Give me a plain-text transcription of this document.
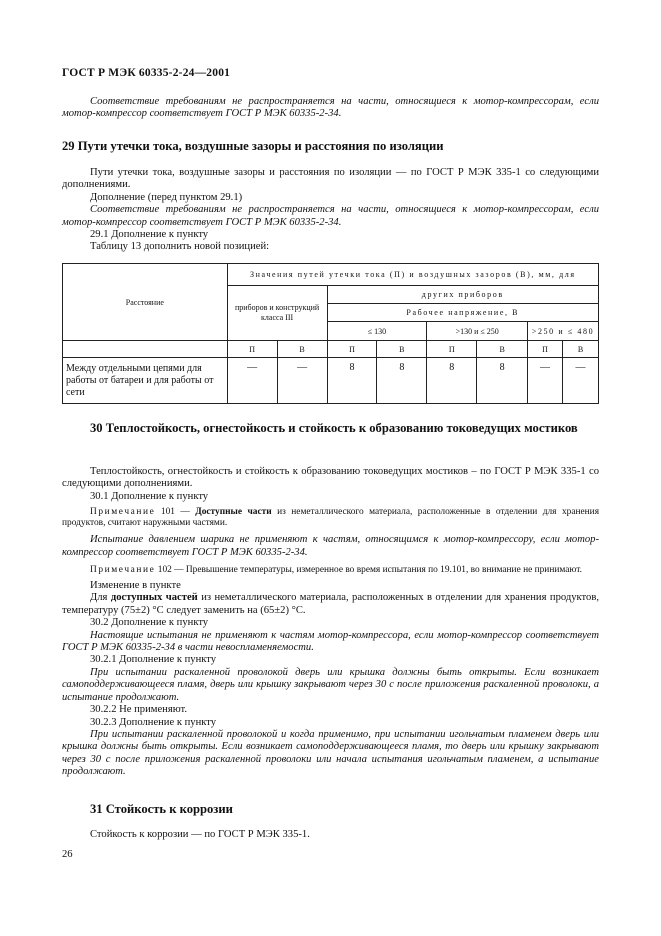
ГОСТ Р МЭК 60335-2-24—2001

Соответствие требованиям не распространяется на части, относящиеся к мотор-компрессорам, если мотор-компрессор соответствует ГОСТ Р МЭК 60335-2-34.

29 Пути утечки тока, воздушные зазоры и расстояния по изоляции

Пути утечки тока, воздушные зазоры и расстояния по изоляции — по ГОСТ Р МЭК 335-1 со следующими дополнениями.

Дополнение (перед пунктом 29.1)

Соответствие требованиям не распространяется на части, относящиеся к мотор-компрессорам, если мотор-компрессор соответствует ГОСТ Р МЭК 60335-2-34.

29.1 Дополнение к пункту

Таблицу 13 дополнить новой позицией:

Расстояние	Значения путей утечки тока (П) и воздушных зазоров (В), мм, для							
	приборов и конструкций класса III		других приборов					
			Рабочее напряжение, В					
			≤ 130		>130 и ≤ 250		>250 и ≤ 480	
	П	В	П	В	П	В	П	В
Между отдельными цепями для работы от батареи и для работы от сети	—	—	8	8	8	8	—	—

30 Теплостойкость, огнестойкость и стойкость к образованию токоведущих мостиков

Теплостойкость, огнестойкость и стойкость к образованию токоведущих мостиков – по ГОСТ Р МЭК 335-1 со следующими дополнениями.

30.1 Дополнение к пункту

Примечание 101 — Доступные части из неметаллического материала, расположенные в отделении для хранения продуктов, считают наружными частями.

Испытание давлением шарика не применяют к частям, относящимся к мотор-компрессору, если мотор-компрессор соответствует ГОСТ Р МЭК 60335-2-34.

Примечание 102 — Превышение температуры, измеренное во время испытания по 19.101, во внимание не принимают.

Изменение в пункте

Для доступных частей из неметаллического материала, расположенных в отделении для хранения продуктов, температуру (75±2) °С следует заменить на (65±2) °С.

30.2 Дополнение к пункту

Настоящие испытания не применяют к частям мотор-компрессора, если мотор-компрессор соответствует ГОСТ Р МЭК 60335-2-34 в части невоспламеняемости.

30.2.1 Дополнение к пункту

При испытании раскаленной проволокой дверь или крышка должны быть открыты. Если возникает самоподдерживающееся пламя, дверь или крышку закрывают через 30 с после приложения раскаленной проволоки, а испытание продолжают.

30.2.2 Не применяют.

30.2.3 Дополнение к пункту

При испытании раскаленной проволокой и когда применимо, при испытании игольчатым пламенем дверь или крышка должны быть открыты. Если возникает самоподдерживающееся пламя, то дверь или крышку закрывают через 30 с после приложения раскаленной проволоки или начала испытания игольчатым пламенем, а испытание продолжают.

31 Стойкость к коррозии

Стойкость к коррозии — по ГОСТ Р МЭК 335-1.

26
